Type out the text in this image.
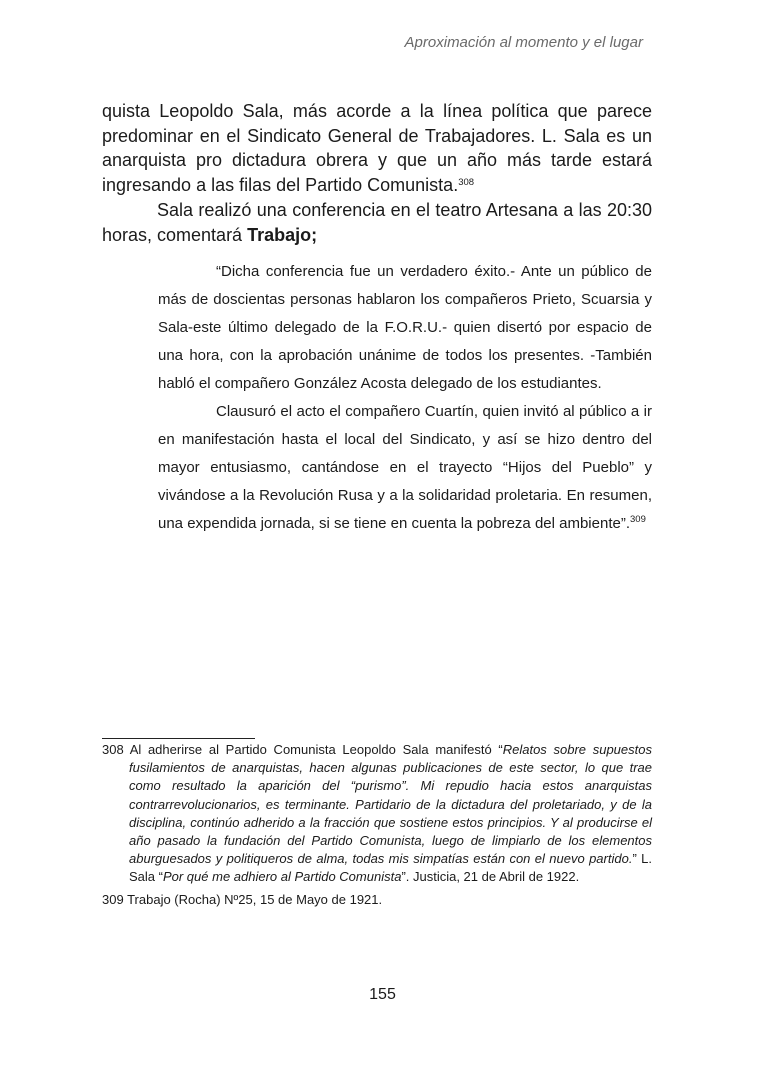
Aproximación al momento y el lugar

quista Leopoldo Sala, más acorde a la línea política que parece predominar en el Sindicato General de Trabajadores. L. Sala es un anarquista pro dictadura obrera y que un año más tarde estará ingresando a las filas del Partido Comunista.$^{308}$

Sala realizó una conferencia en el teatro Artesana a las 20:30 horas, comentará Trabajo;

“Dicha conferencia fue un verdadero éxito.- Ante un público de más de doscientas personas hablaron los compañeros Prieto, Scuarsia y Sala-este último delegado de la F.O.R.U.- quien disertó por espacio de una hora, con la aprobación unánime de todos los presentes. -También habló el compañero González Acosta delegado de los estudiantes.

Clausuró el acto el compañero Cuartín, quien invitó al público a ir en manifestación hasta el local del Sindicato, y así se hizo dentro del mayor entusiasmo, cantándose en el trayecto “Hijos del Pueblo” y vivándose a la Revolución Rusa y a la solidaridad proletaria. En resumen, una expendida jornada, si se tiene en cuenta la pobreza del ambiente”.$^{309}$

308 Al adherirse al Partido Comunista Leopoldo Sala manifestó “Relatos sobre supuestos fusilamientos de anarquistas, hacen algunas publicaciones de este sector, lo que trae como resultado la aparición del “purismo”. Mi repudio hacia estos anarquistas contrarrevolucionarios, es terminante. Partidario de la dictadura del proletariado, y de la disciplina, continúo adherido a la fracción que sostiene estos principios. Y al producirse el año pasado la fundación del Partido Comunista, luego de limpiarlo de los elementos aburguesados y politiqueros de alma, todas mis simpatías están con el nuevo partido.” L. Sala “Por qué me adhiero al Partido Comunista”. Justicia, 21 de Abril de 1922.

309 Trabajo (Rocha) Nº25, 15 de Mayo de 1921.

155
